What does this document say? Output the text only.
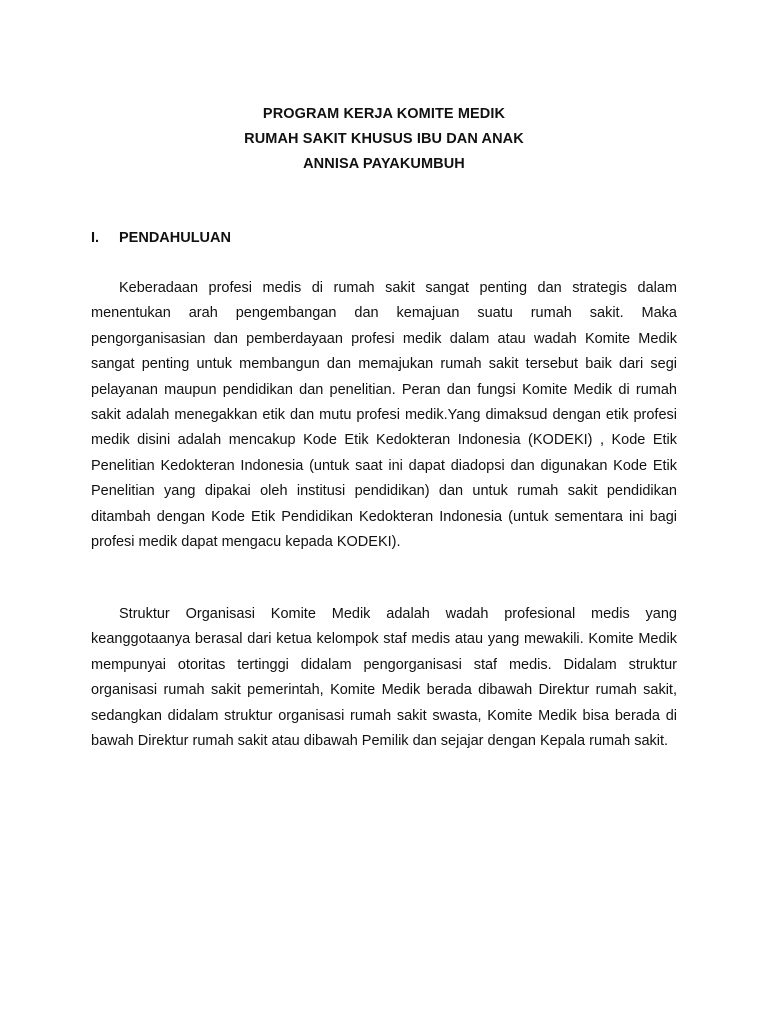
PROGRAM KERJA KOMITE MEDIK
RUMAH SAKIT KHUSUS IBU DAN ANAK
ANNISA PAYAKUMBUH
I. PENDAHULUAN

Keberadaan profesi medis di rumah sakit sangat penting dan strategis dalam menentukan arah pengembangan dan kemajuan suatu rumah sakit. Maka pengorganisasian dan pemberdayaan profesi medik dalam atau wadah Komite Medik sangat penting untuk membangun dan memajukan rumah sakit tersebut baik dari segi pelayanan maupun pendidikan dan penelitian. Peran dan fungsi Komite Medik di rumah sakit adalah menegakkan etik dan mutu profesi medik.Yang dimaksud dengan etik profesi medik disini adalah mencakup Kode Etik Kedokteran Indonesia (KODEKI) , Kode Etik Penelitian Kedokteran Indonesia (untuk saat ini dapat diadopsi dan digunakan Kode Etik Penelitian yang dipakai oleh institusi pendidikan) dan untuk rumah sakit pendidikan ditambah dengan Kode Etik Pendidikan Kedokteran Indonesia (untuk sementara ini bagi profesi medik dapat mengacu kepada KODEKI).

Struktur Organisasi Komite Medik adalah wadah profesional medis yang keanggotaanya berasal dari ketua kelompok staf medis atau yang mewakili. Komite Medik mempunyai otoritas tertinggi didalam pengorganisasi staf medis. Didalam struktur organisasi rumah sakit pemerintah, Komite Medik berada dibawah Direktur rumah sakit, sedangkan didalam struktur organisasi rumah sakit swasta, Komite Medik bisa berada di bawah Direktur rumah sakit atau dibawah Pemilik dan sejajar dengan Kepala rumah sakit.
